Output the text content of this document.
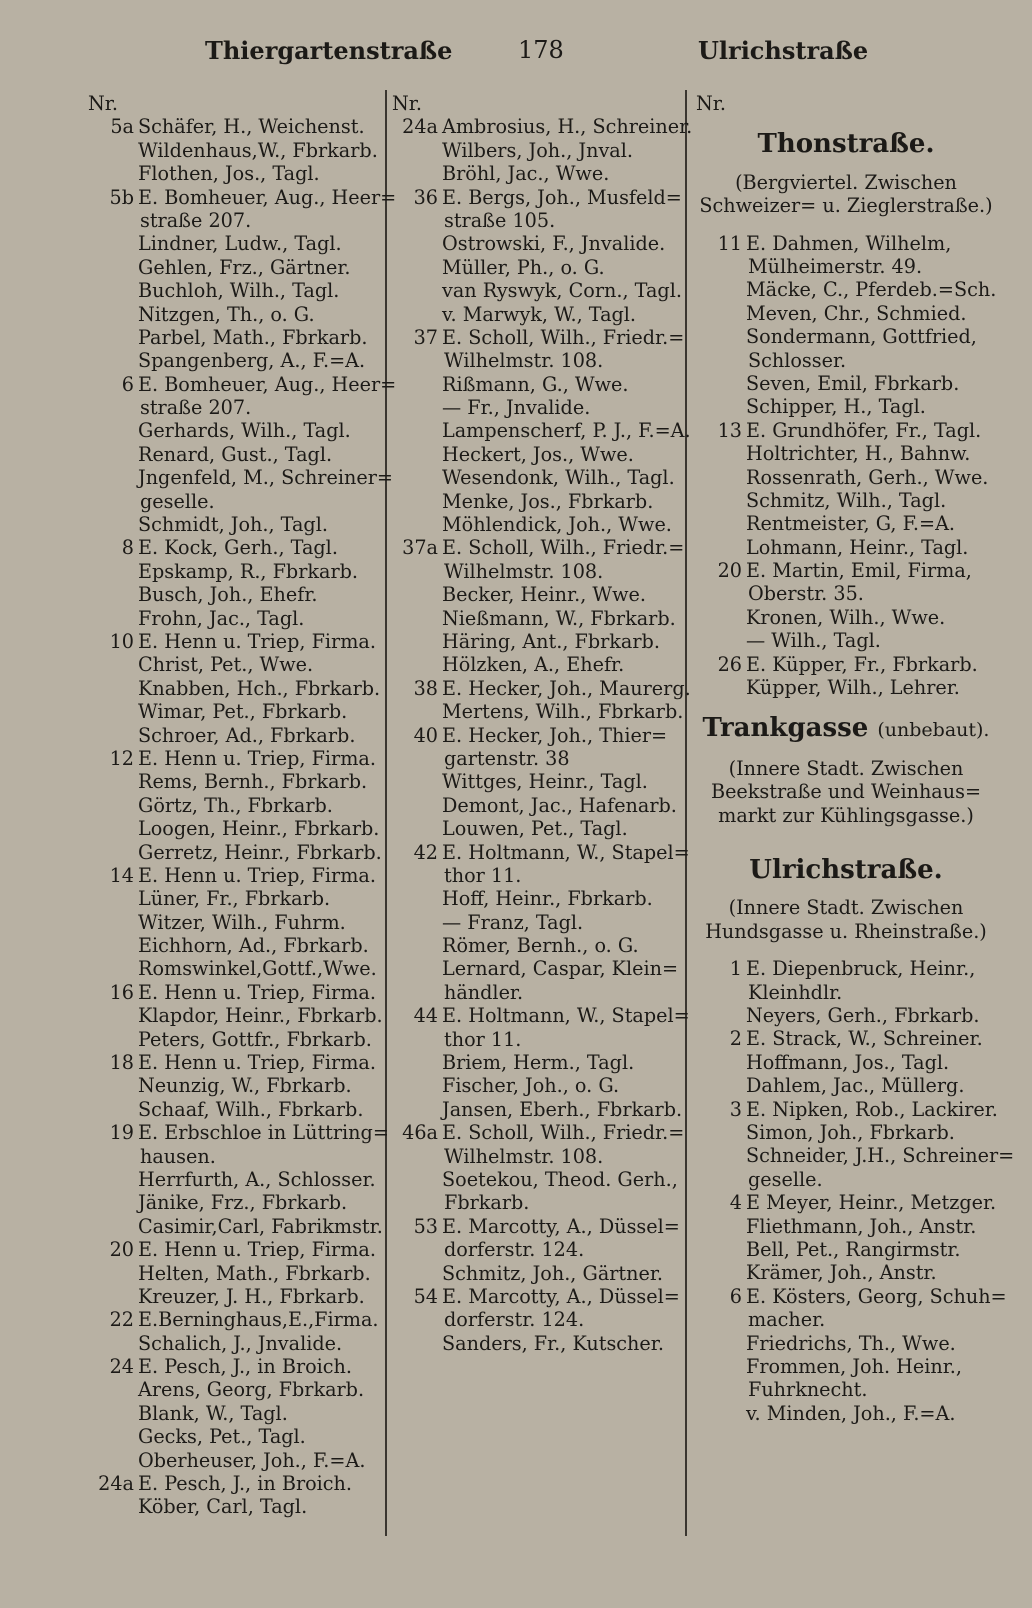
Thiergartenstraße	178	Ulrichstraße
Nr.
5a Schäfer, H., Weichenst.
Wildenhaus,W., Fbrkarb.
Flothen, Jos., Tagl.
5b E. Bomheuer, Aug., Heer=
straße 207.
Lindner, Ludw., Tagl.
Gehlen, Frz., Gärtner.
Buchloh, Wilh., Tagl.
Nitzgen, Th., o. G.
Parbel, Math., Fbrkarb.
Spangenberg, A., F.=A.
6 E. Bomheuer, Aug., Heer=
straße 207.
Gerhards, Wilh., Tagl.
Renard, Gust., Tagl.
Jngenfeld, M., Schreiner=
geselle.
Schmidt, Joh., Tagl.
8 E. Kock, Gerh., Tagl.
Epskamp, R., Fbrkarb.
Busch, Joh., Ehefr.
Frohn, Jac., Tagl.
10 E. Henn u. Triep, Firma.
Christ, Pet., Wwe.
Knabben, Hch., Fbrkarb.
Wimar, Pet., Fbrkarb.
Schroer, Ad., Fbrkarb.
12 E. Henn u. Triep, Firma.
Rems, Bernh., Fbrkarb.
Görtz, Th., Fbrkarb.
Loogen, Heinr., Fbrkarb.
Gerretz, Heinr., Fbrkarb.
14 E. Henn u. Triep, Firma.
Lüner, Fr., Fbrkarb.
Witzer, Wilh., Fuhrm.
Eichhorn, Ad., Fbrkarb.
Romswinkel,Gottf.,Wwe.
16 E. Henn u. Triep, Firma.
Klapdor, Heinr., Fbrkarb.
Peters, Gottfr., Fbrkarb.
18 E. Henn u. Triep, Firma.
Neunzig, W., Fbrkarb.
Schaaf, Wilh., Fbrkarb.
19 E. Erbschloe in Lüttring=
hausen.
Herrfurth, A., Schlosser.
Jänike, Frz., Fbrkarb.
Casimir,Carl, Fabrikmstr.
20 E. Henn u. Triep, Firma.
Helten, Math., Fbrkarb.
Kreuzer, J. H., Fbrkarb.
22 E.Berninghaus,E.,Firma.
Schalich, J., Jnvalide.
24 E. Pesch, J., in Broich.
Arens, Georg, Fbrkarb.
Blank, W., Tagl.
Gecks, Pet., Tagl.
Oberheuser, Joh., F.=A.
24a E. Pesch, J., in Broich.
Köber, Carl, Tagl.
Nr.
24a Ambrosius, H., Schreiner.
Wilbers, Joh., Jnval.
Bröhl, Jac., Wwe.
36 E. Bergs, Joh., Musfeld=
straße 105.
Ostrowski, F., Jnvalide.
Müller, Ph., o. G.
van Ryswyk, Corn., Tagl.
v. Marwyk, W., Tagl.
37 E. Scholl, Wilh., Friedr.=
Wilhelmstr. 108.
Rißmann, G., Wwe.
— Fr., Jnvalide.
Lampenscherf, P. J., F.=A.
Heckert, Jos., Wwe.
Wesendonk, Wilh., Tagl.
Menke, Jos., Fbrkarb.
Möhlendick, Joh., Wwe.
37a E. Scholl, Wilh., Friedr.=
Wilhelmstr. 108.
Becker, Heinr., Wwe.
Nießmann, W., Fbrkarb.
Häring, Ant., Fbrkarb.
Hölzken, A., Ehefr.
38 E. Hecker, Joh., Maurerg.
Mertens, Wilh., Fbrkarb.
40 E. Hecker, Joh., Thier=
gartenstr. 38
Wittges, Heinr., Tagl.
Demont, Jac., Hafenarb.
Louwen, Pet., Tagl.
42 E. Holtmann, W., Stapel=
thor 11.
Hoff, Heinr., Fbrkarb.
— Franz, Tagl.
Römer, Bernh., o. G.
Lernard, Caspar, Klein=
händler.
44 E. Holtmann, W., Stapel=
thor 11.
Briem, Herm., Tagl.
Fischer, Joh., o. G.
Jansen, Eberh., Fbrkarb.
46a E. Scholl, Wilh., Friedr.=
Wilhelmstr. 108.
Soetekou, Theod. Gerh.,
Fbrkarb.
53 E. Marcotty, A., Düssel=
dorferstr. 124.
Schmitz, Joh., Gärtner.
54 E. Marcotty, A., Düssel=
dorferstr. 124.
Sanders, Fr., Kutscher.
Nr.
Thonstraße.
(Bergviertel. Zwischen Schweizer= u. Zieglerstraße.)
11 E. Dahmen, Wilhelm,
Mülheimerstr. 49.
Mäcke, C., Pferdeb.=Sch.
Meven, Chr., Schmied.
Sondermann, Gottfried,
Schlosser.
Seven, Emil, Fbrkarb.
Schipper, H., Tagl.
13 E. Grundhöfer, Fr., Tagl.
Holtrichter, H., Bahnw.
Rossenrath, Gerh., Wwe.
Schmitz, Wilh., Tagl.
Rentmeister, G, F.=A.
Lohmann, Heinr., Tagl.
20 E. Martin, Emil, Firma,
Oberstr. 35.
Kronen, Wilh., Wwe.
— Wilh., Tagl.
26 E. Küpper, Fr., Fbrkarb.
Küpper, Wilh., Lehrer.
Trankgasse (unbebaut).
(Innere Stadt. Zwischen Beekstraße und Weinhaus= markt zur Kühlingsgasse.)
Ulrichstraße.
(Innere Stadt. Zwischen Hundsgasse u. Rheinstraße.)
1 E. Diepenbruck, Heinr.,
Kleinhdlr.
Neyers, Gerh., Fbrkarb.
2 E. Strack, W., Schreiner.
Hoffmann, Jos., Tagl.
Dahlem, Jac., Müllerg.
3 E. Nipken, Rob., Lackirer.
Simon, Joh., Fbrkarb.
Schneider, J.H., Schreiner=
geselle.
4 E Meyer, Heinr., Metzger.
Fliethmann, Joh., Anstr.
Bell, Pet., Rangirmstr.
Krämer, Joh., Anstr.
6 E. Kösters, Georg, Schuh=
macher.
Friedrichs, Th., Wwe.
Frommen, Joh. Heinr.,
Fuhrknecht.
v. Minden, Joh., F.=A.
